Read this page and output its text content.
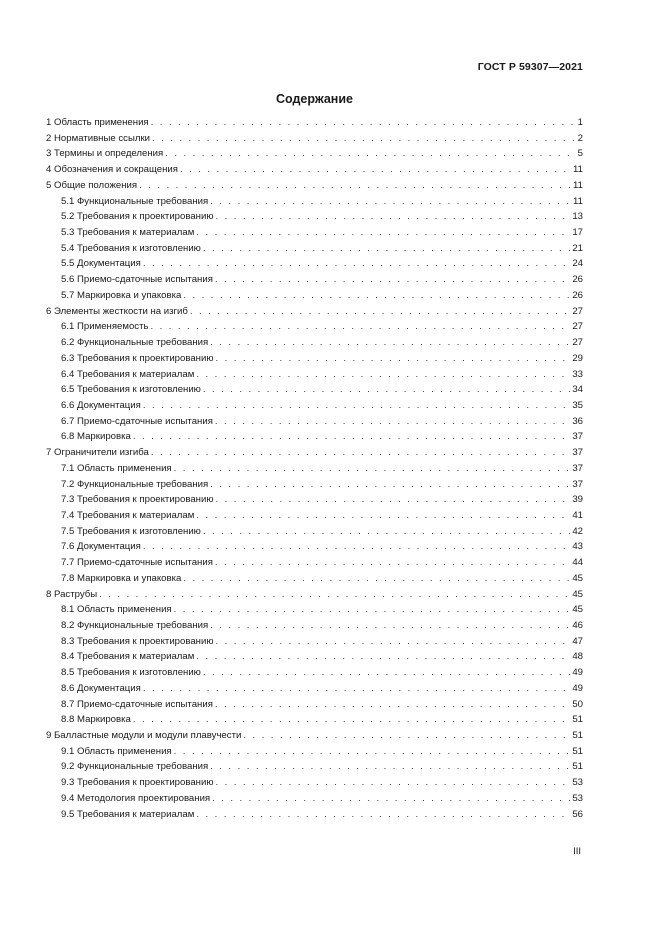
ГОСТ Р 59307—2021
Содержание
1 Область применения . . .	1
2 Нормативные ссылки . . .	2
3 Термины и определения . . .	5
4 Обозначения и сокращения . . .	11
5 Общие положения . . .	11
5.1 Функциональные требования . . .	11
5.2 Требования к проектированию . . .	13
5.3 Требования к материалам . . .	17
5.4 Требования к изготовлению . . .	21
5.5 Документация . . .	24
5.6 Приемо-сдаточные испытания . . .	26
5.7 Маркировка и упаковка . . .	26
6 Элементы жесткости на изгиб . . .	27
6.1 Применяемость . . .	27
6.2 Функциональные требования . . .	27
6.3 Требования к проектированию . . .	29
6.4 Требования к материалам . . .	33
6.5 Требования к изготовлению . . .	34
6.6 Документация . . .	35
6.7 Приемо-сдаточные испытания . . .	36
6.8 Маркировка . . .	37
7 Ограничители изгиба . . .	37
7.1 Область применения . . .	37
7.2 Функциональные требования . . .	37
7.3 Требования к проектированию . . .	39
7.4 Требования к материалам . . .	41
7.5 Требования к изготовлению . . .	42
7.6 Документация . . .	43
7.7 Приемо-сдаточные испытания . . .	44
7.8 Маркировка и упаковка . . .	45
8 Раструбы . . .	45
8.1 Область применения . . .	45
8.2 Функциональные требования . . .	46
8.3 Требования к проектированию . . .	47
8.4 Требования к материалам . . .	48
8.5 Требования к изготовлению . . .	49
8.6 Документация . . .	49
8.7 Приемо-сдаточные испытания . . .	50
8.8 Маркировка . . .	51
9 Балластные модули и модули плавучести . . .	51
9.1 Область применения . . .	51
9.2 Функциональные требования . . .	51
9.3 Требования к проектированию . . .	53
9.4 Методология проектирования . . .	53
9.5 Требования к материалам . . .	56
III
